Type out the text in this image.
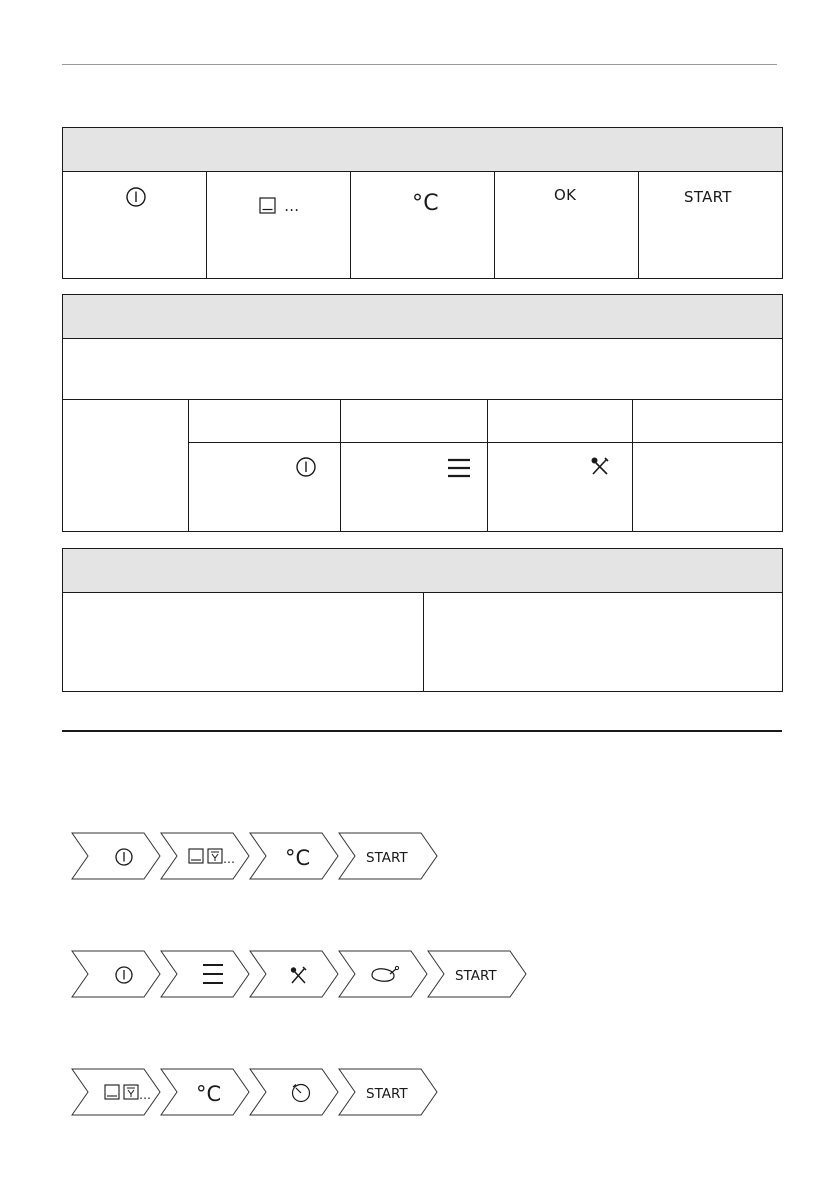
…	°C	OK	START
… °C	START
START
… °C	START
